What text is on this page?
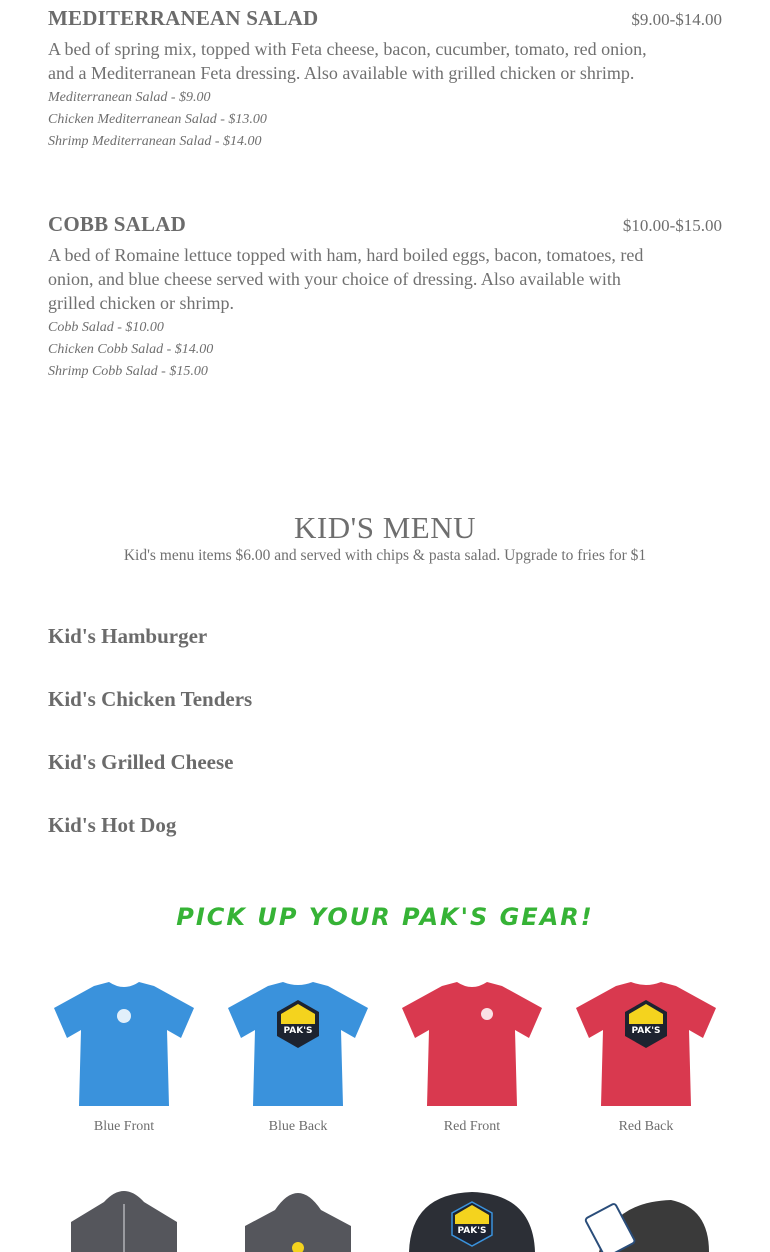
MEDITERRANEAN SALAD	$9.00-$14.00
A bed of spring mix, topped with Feta cheese, bacon, cucumber, tomato, red onion, and a Mediterranean Feta dressing. Also available with grilled chicken or shrimp.
Mediterranean Salad - $9.00
Chicken Mediterranean Salad - $13.00
Shrimp Mediterranean Salad - $14.00
COBB SALAD	$10.00-$15.00
A bed of Romaine lettuce topped with ham, hard boiled eggs, bacon, tomatoes, red onion, and blue cheese served with your choice of dressing. Also available with grilled chicken or shrimp.
Cobb Salad - $10.00
Chicken Cobb Salad - $14.00
Shrimp Cobb Salad - $15.00
KID'S MENU
Kid's menu items $6.00 and served with chips & pasta salad. Upgrade to fries for $1
Kid's Hamburger
Kid's Chicken Tenders
Kid's Grilled Cheese
Kid's Hot Dog
PICK UP YOUR PAK'S GEAR!
Blue Front
PAK'S
Blue Back	Red Front
PAK'S
Red Back
PAK'S
